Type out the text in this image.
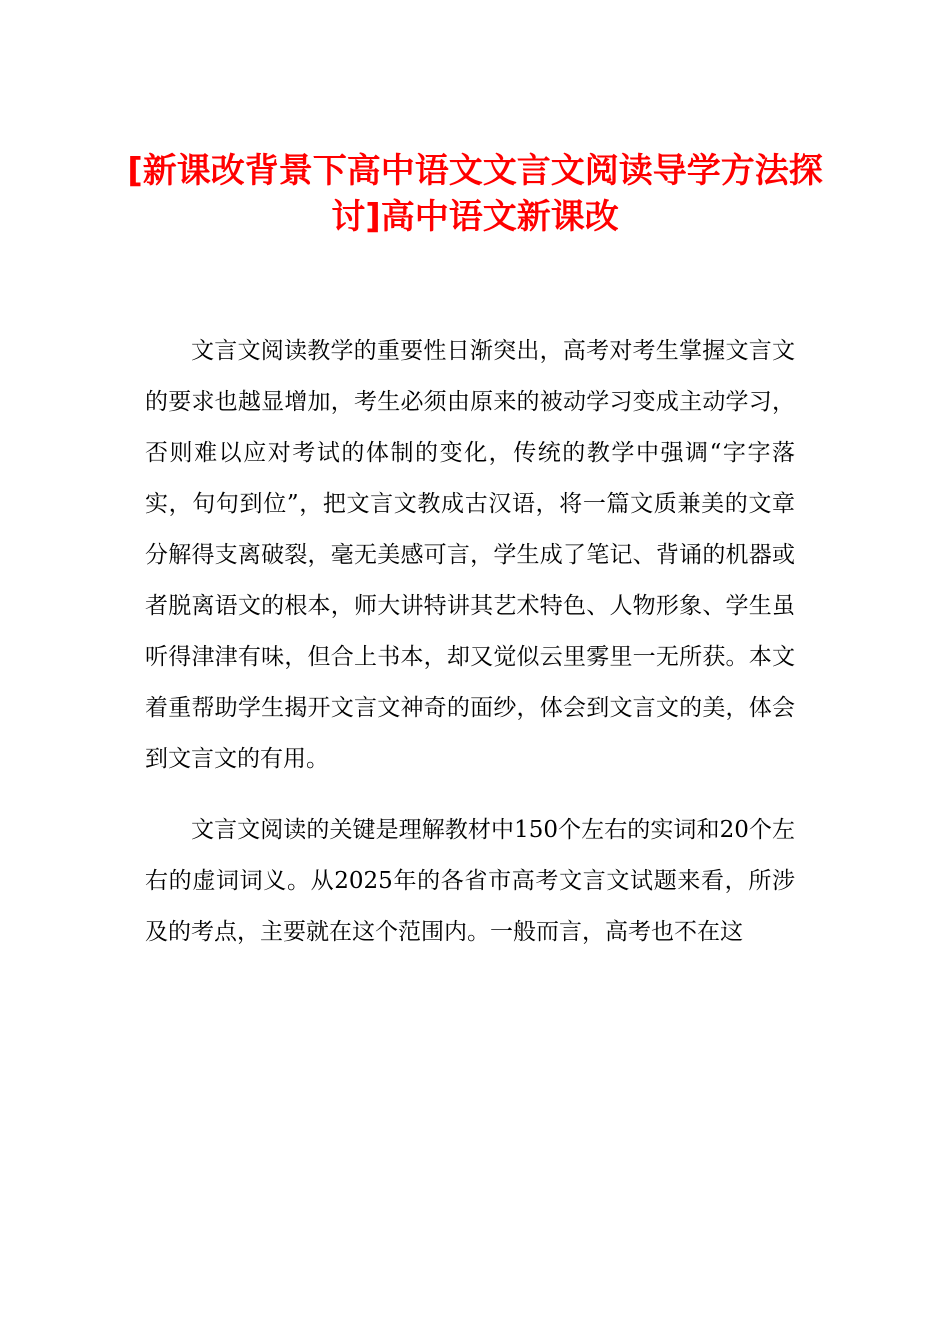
[新课改背景下高中语文文言文阅读导学方法探讨]高中语文新课改

文言文阅读教学的重要性日渐突出，高考对考生掌握文言文的要求也越显增加，考生必须由原来的被动学习变成主动学习，否则难以应对考试的体制的变化，传统的教学中强调“字字落实，句句到位”，把文言文教成古汉语，将一篇文质兼美的文章分解得支离破裂，毫无美感可言，学生成了笔记、背诵的机器或者脱离语文的根本，师大讲特讲其艺术特色、人物形象、学生虽听得津津有味，但合上书本，却又觉似云里雾里一无所获。本文着重帮助学生揭开文言文神奇的面纱，体会到文言文的美，体会到文言文的有用。

文言文阅读的关键是理解教材中150个左右的实词和20个左右的虚词词义。从2025年的各省市高考文言文试题来看，所涉及的考点，主要就在这个范围内。一般而言，高考也不在这
